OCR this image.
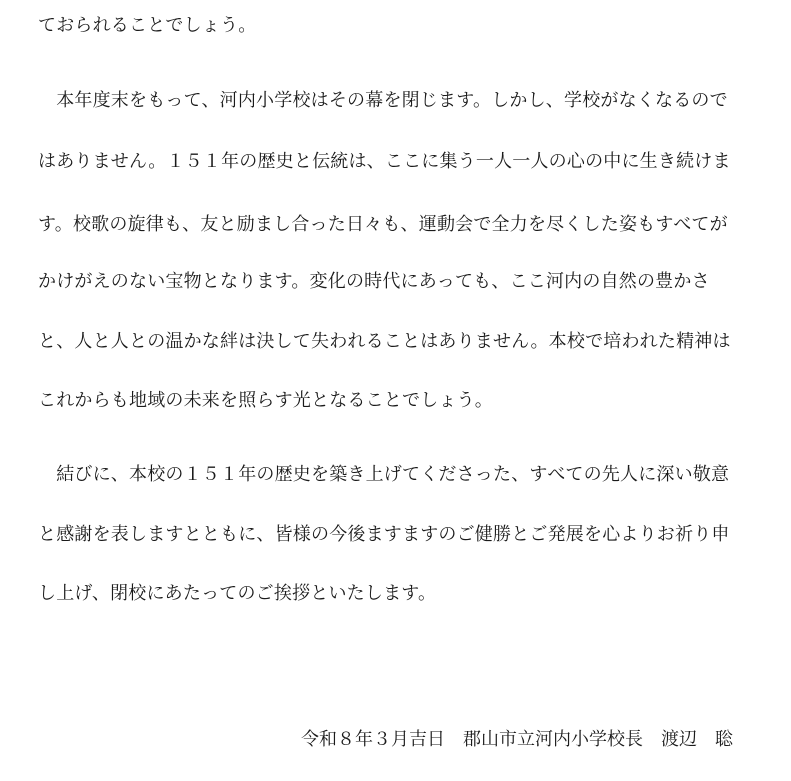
ておられることでしょう。
　本年度末をもって、河内小学校はその幕を閉じます。しかし、学校がなくなるので
はありません。１５１年の歴史と伝統は、ここに集う一人一人の心の中に生き続けま
す。校歌の旋律も、友と励まし合った日々も、運動会で全力を尽くした姿もすべてが
かけがえのない宝物となります。変化の時代にあっても、ここ河内の自然の豊かさ
と、人と人との温かな絆は決して失われることはありません。本校で培われた精神は
これからも地域の未来を照らす光となることでしょう。
　結びに、本校の１５１年の歴史を築き上げてくださった、すべての先人に深い敬意
と感謝を表しますとともに、皆様の今後ますますのご健勝とご発展を心よりお祈り申
し上げ、閉校にあたってのご挨拶といたします。
令和８年３月吉日　郡山市立河内小学校長　渡辺　聡
